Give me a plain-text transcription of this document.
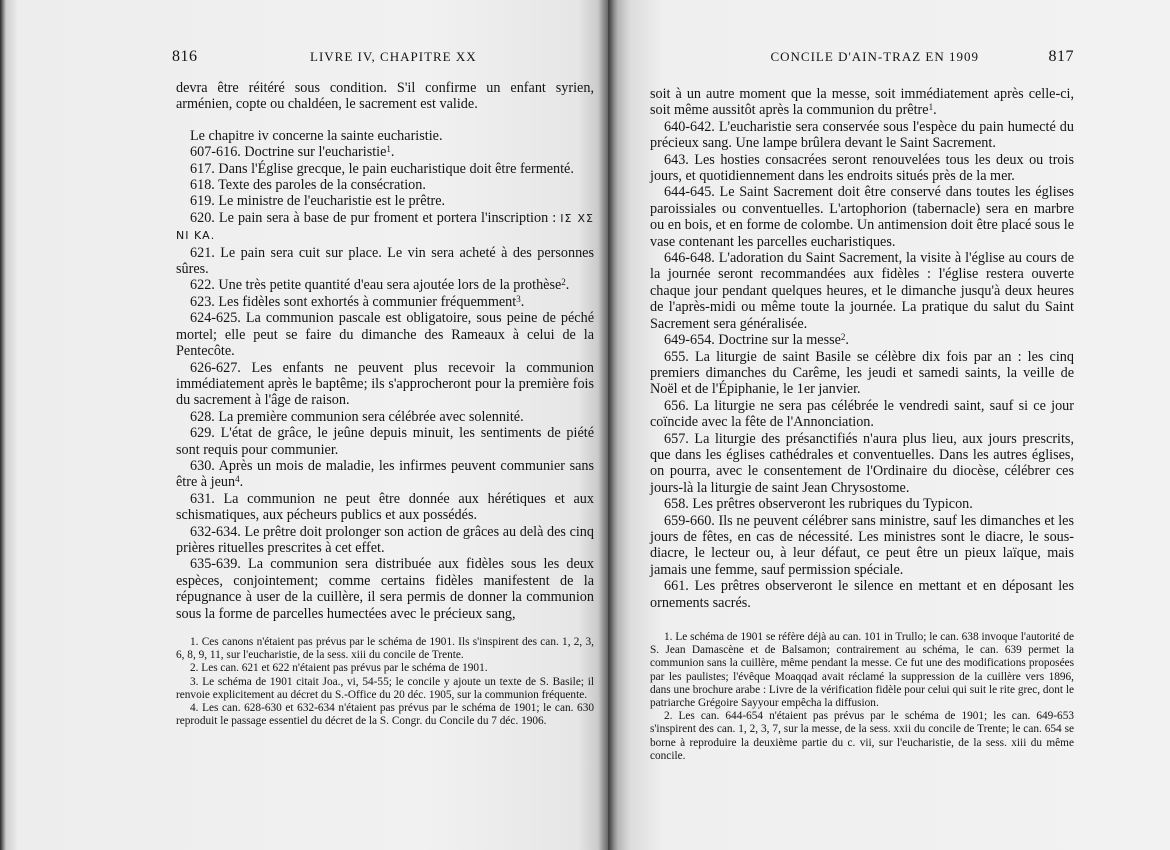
816	LIVRE IV, CHAPITRE XX

devra être réitéré sous condition. S'il confirme un enfant syrien, arménien, copte ou chaldéen, le sacrement est valide.

Le chapitre iv concerne la sainte eucharistie.

607-616. Doctrine sur l'eucharistie$^1$.

617. Dans l'Église grecque, le pain eucharistique doit être fermenté.

618. Texte des paroles de la consécration.

619. Le ministre de l'eucharistie est le prêtre.

620. Le pain sera à base de pur froment et portera l'inscription : ΙΣ ΧΣ ΝΙ ΚΑ.

621. Le pain sera cuit sur place. Le vin sera acheté à des personnes sûres.

622. Une très petite quantité d'eau sera ajoutée lors de la prothèse$^2$.

623. Les fidèles sont exhortés à communier fréquemment$^3$.

624-625. La communion pascale est obligatoire, sous peine de péché mortel; elle peut se faire du dimanche des Rameaux à celui de la Pentecôte.

626-627. Les enfants ne peuvent plus recevoir la communion immédiatement après le baptême; ils s'approcheront pour la première fois du sacrement à l'âge de raison.

628. La première communion sera célébrée avec solennité.

629. L'état de grâce, le jeûne depuis minuit, les sentiments de piété sont requis pour communier.

630. Après un mois de maladie, les infirmes peuvent communier sans être à jeun$^4$.

631. La communion ne peut être donnée aux hérétiques et aux schismatiques, aux pécheurs publics et aux possédés.

632-634. Le prêtre doit prolonger son action de grâces au delà des cinq prières rituelles prescrites à cet effet.

635-639. La communion sera distribuée aux fidèles sous les deux espèces, conjointement; comme certains fidèles manifestent de la répugnance à user de la cuillère, il sera permis de donner la communion sous la forme de parcelles humectées avec le précieux sang,

1. Ces canons n'étaient pas prévus par le schéma de 1901. Ils s'inspirent des can. 1, 2, 3, 6, 8, 9, 11, sur l'eucharistie, de la sess. xiii du concile de Trente.

2. Les can. 621 et 622 n'étaient pas prévus par le schéma de 1901.

3. Le schéma de 1901 citait Joa., vi, 54-55; le concile y ajoute un texte de S. Basile; il renvoie explicitement au décret du S.-Office du 20 déc. 1905, sur la communion fréquente.

4. Les can. 628-630 et 632-634 n'étaient pas prévus par le schéma de 1901; le can. 630 reproduit le passage essentiel du décret de la S. Congr. du Concile du 7 déc. 1906.

CONCILE D'AIN-TRAZ EN 1909	817

soit à un autre moment que la messe, soit immédiatement après celle-ci, soit même aussitôt après la communion du prêtre$^1$.

640-642. L'eucharistie sera conservée sous l'espèce du pain humecté du précieux sang. Une lampe brûlera devant le Saint Sacrement.

643. Les hosties consacrées seront renouvelées tous les deux ou trois jours, et quotidiennement dans les endroits situés près de la mer.

644-645. Le Saint Sacrement doit être conservé dans toutes les églises paroissiales ou conventuelles. L'artophorion (tabernacle) sera en marbre ou en bois, et en forme de colombe. Un antimension doit être placé sous le vase contenant les parcelles eucharistiques.

646-648. L'adoration du Saint Sacrement, la visite à l'église au cours de la journée seront recommandées aux fidèles : l'église restera ouverte chaque jour pendant quelques heures, et le dimanche jusqu'à deux heures de l'après-midi ou même toute la journée. La pratique du salut du Saint Sacrement sera généralisée.

649-654. Doctrine sur la messe$^2$.

655. La liturgie de saint Basile se célèbre dix fois par an : les cinq premiers dimanches du Carême, les jeudi et samedi saints, la veille de Noël et de l'Épiphanie, le 1er janvier.

656. La liturgie ne sera pas célébrée le vendredi saint, sauf si ce jour coïncide avec la fête de l'Annonciation.

657. La liturgie des présanctifiés n'aura plus lieu, aux jours prescrits, que dans les églises cathédrales et conventuelles. Dans les autres églises, on pourra, avec le consentement de l'Ordinaire du diocèse, célébrer ces jours-là la liturgie de saint Jean Chrysostome.

658. Les prêtres observeront les rubriques du Typicon.

659-660. Ils ne peuvent célébrer sans ministre, sauf les dimanches et les jours de fêtes, en cas de nécessité. Les ministres sont le diacre, le sous-diacre, le lecteur ou, à leur défaut, ce peut être un pieux laïque, mais jamais une femme, sauf permission spéciale.

661. Les prêtres observeront le silence en mettant et en déposant les ornements sacrés.

1. Le schéma de 1901 se réfère déjà au can. 101 in Trullo; le can. 638 invoque l'autorité de S. Jean Damascène et de Balsamon; contrairement au schéma, le can. 639 permet la communion sans la cuillère, même pendant la messe. Ce fut une des modifications proposées par les paulistes; l'évêque Moaqqad avait réclamé la suppression de la cuillère vers 1896, dans une brochure arabe : Livre de la vérification fidèle pour celui qui suit le rite grec, dont le patriarche Grégoire Sayyour empêcha la diffusion.

2. Les can. 644-654 n'étaient pas prévus par le schéma de 1901; les can. 649-653 s'inspirent des can. 1, 2, 3, 7, sur la messe, de la sess. xxii du concile de Trente; le can. 654 se borne à reproduire la deuxième partie du c. vii, sur l'eucharistie, de la sess. xiii du même concile.
